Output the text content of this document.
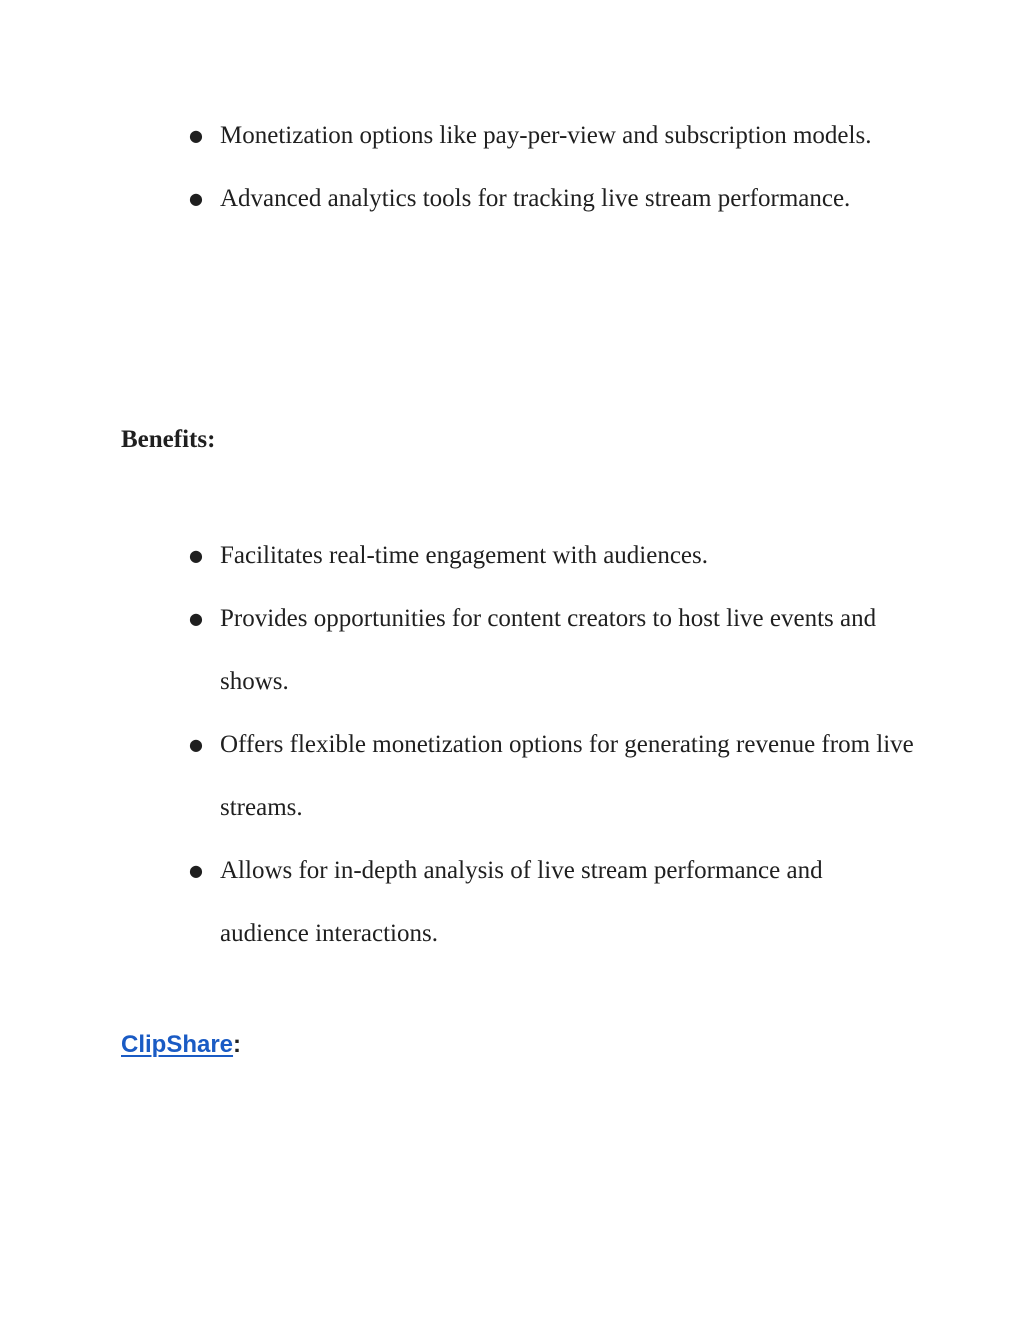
● Monetization options like pay-per-view and subscription models.
● Advanced analytics tools for tracking live stream performance.
Benefits:
● Facilitates real-time engagement with audiences.
● Provides opportunities for content creators to host live events and shows.
● Offers flexible monetization options for generating revenue from live streams.
● Allows for in-depth analysis of live stream performance and audience interactions.
ClipShare:
